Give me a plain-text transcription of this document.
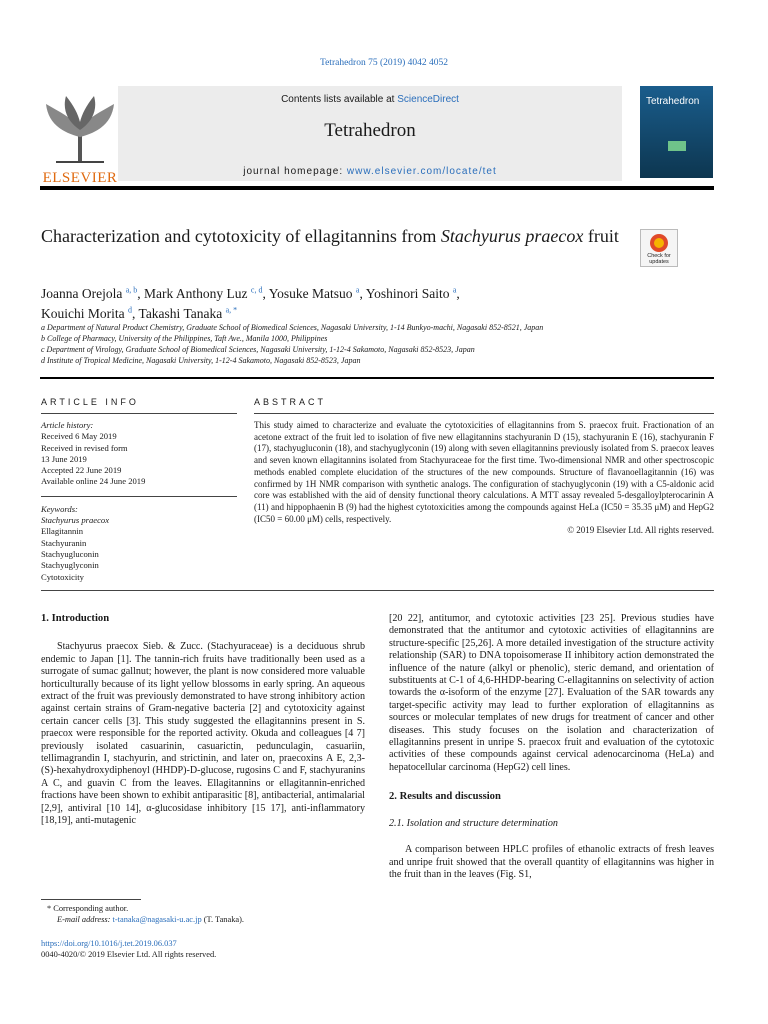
Tetrahedron 75 (2019) 4042 4052
ELSEVIER
Contents lists available at ScienceDirect
Tetrahedron
journal homepage: www.elsevier.com/locate/tet
Tetrahedron
Characterization and cytotoxicity of ellagitannins from Stachyurus praecox fruit
Check for updates
Joanna Orejola $^{a, b}$, Mark Anthony Luz $^{c, d}$, Yosuke Matsuo $^a$, Yoshinori Saito $^a$,
Kouichi Morita $^d$, Takashi Tanaka $^{a, *}$
a Department of Natural Product Chemistry, Graduate School of Biomedical Sciences, Nagasaki University, 1-14 Bunkyo-machi, Nagasaki 852-8521, Japan
b College of Pharmacy, University of the Philippines, Taft Ave., Manila 1000, Philippines
c Department of Virology, Graduate School of Biomedical Sciences, Nagasaki University, 1-12-4 Sakamoto, Nagasaki 852-8523, Japan
d Institute of Tropical Medicine, Nagasaki University, 1-12-4 Sakamoto, Nagasaki 852-8523, Japan
ARTICLE INFO
Article history:
Received 6 May 2019
Received in revised form
13 June 2019
Accepted 22 June 2019
Available online 24 June 2019
Keywords:
Stachyurus praecox
Ellagitannin
Stachyuranin
Stachyugluconin
Stachyuglyconin
Cytotoxicity
ABSTRACT
This study aimed to characterize and evaluate the cytotoxicities of ellagitannins from S. praecox fruit. Fractionation of an acetone extract of the fruit led to isolation of five new ellagitannins stachyuranin D (15), stachyuranin E (16), stachyuranin F (17), stachyugluconin (18), and stachyuglyconin (19) along with seven ellagitannins previously isolated from S. praecox leaves and seven known ellagitannins isolated from Stachyuraceae for the first time. Two-dimensional NMR and other spectroscopic methods enabled complete elucidation of the structures of the new compounds. Structure of flavanoellagitannin (16) was confirmed by 1H NMR comparison with synthetic analogs. The configuration of stachyuglyconin (19) with a C5-aldonic acid core was established with the aid of density functional theory calculations. A MTT assay revealed 5-desgalloylpterocarinin A (11) and hippophaenin B (9) had the highest cytotoxicities among the compounds against HeLa (IC50 = 35.35 μM) and HepG2 (IC50 = 60.00 μM) cells, respectively.
© 2019 Elsevier Ltd. All rights reserved.
1. Introduction

Stachyurus praecox Sieb. & Zucc. (Stachyuraceae) is a deciduous shrub endemic to Japan [1]. The tannin-rich fruits have traditionally been used as a surrogate of sumac gallnut; however, the plant is now considered more valuable horticulturally because of its light yellow blossoms in early spring. An aqueous extract of the fruit was previously demonstrated to have strong inhibitory action against certain strains of Gram-negative bacteria [2] and cytotoxicity against certain cancer cells [3]. This study suggested the ellagitannins present in S. praecox were responsible for the reported activity. Okuda and colleagues [4 7] previously isolated casuarinin, casuarictin, pedunculagin, casuariin, tellimagrandin I, stachyurin, and strictinin, and later on, praecoxins A E, 2,3-(S)-hexahydroxydiphenoyl (HHDP)-D-glucose, rugosins C and F, stachyuranins A C, and guavin C from the leaves. Ellagitannins or ellagitannin-enriched fractions have been shown to exhibit antiparasitic [8], antibacterial, antimalarial [2,9], antiviral [10 14], α-glucosidase inhibitory [15 17], anti-inflammatory [18,19], anti-mutagenic

[20 22], antitumor, and cytotoxic activities [23 25]. Previous studies have demonstrated that the antitumor and cytotoxic activities of ellagitannins are structure-specific [25,26]. A more detailed investigation of the structure activity relationship (SAR) to DNA topoisomerase II inhibitory action demonstrated the influence of the nature (alkyl or phenolic), steric demand, and orientation of substituents at C-1 of 4,6-HHDP-bearing C-ellagitannins on selectivity of action towards the α-isoform of the enzyme [27]. Evaluation of the SAR towards any target-specific activity may lead to further exploration of ellagitannins as sources or molecular templates of new drugs for treatment of cancer and other diseases. This study focuses on the isolation and characterization of ellagitannins present in unripe S. praecox fruit and evaluation of the cytotoxic activities of these compounds against cervical adenocarcinoma (HeLa) and hepatocellular carcinoma (HepG2) cell lines.

2. Results and discussion
2.1. Isolation and structure determination

A comparison between HPLC profiles of ethanolic extracts of fresh leaves and unripe fruit showed that the overall quantity of ellagitannins was higher in the fruit than in the leaves (Fig. S1,

* Corresponding author.
E-mail address: t-tanaka@nagasaki-u.ac.jp (T. Tanaka).
https://doi.org/10.1016/j.tet.2019.06.037
0040-4020/© 2019 Elsevier Ltd. All rights reserved.
